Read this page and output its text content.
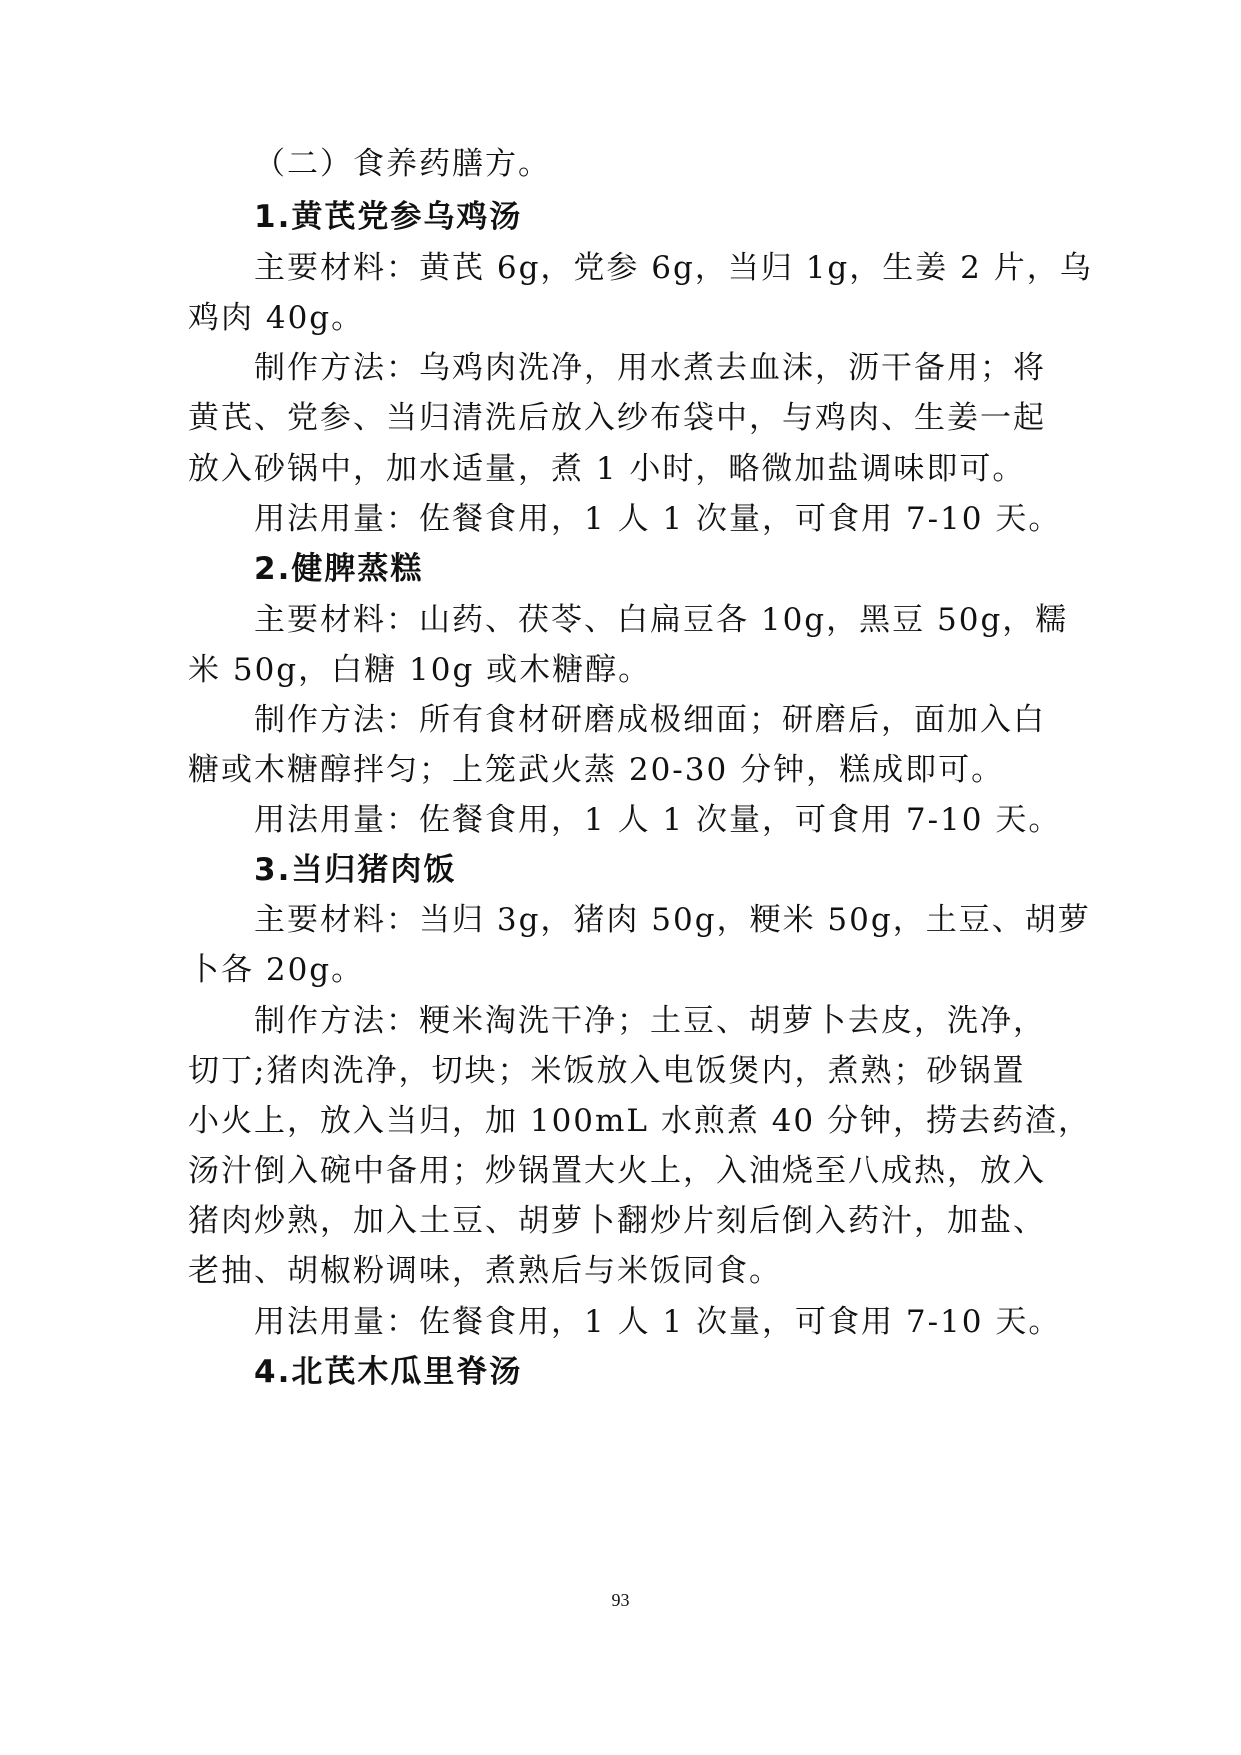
（二）食养药膳方。
1.黄芪党参乌鸡汤
主要材料：黄芪 6g，党参 6g，当归 1g，生姜 2 片，乌
鸡肉 40g。
制作方法：乌鸡肉洗净，用水煮去血沫，沥干备用；将
黄芪、党参、当归清洗后放入纱布袋中，与鸡肉、生姜一起
放入砂锅中，加水适量，煮 1 小时，略微加盐调味即可。
用法用量：佐餐食用，1 人 1 次量，可食用 7-10 天。
2.健脾蒸糕
主要材料：山药、茯苓、白扁豆各 10g，黑豆 50g，糯
米 50g，白糖 10g 或木糖醇。
制作方法：所有食材研磨成极细面；研磨后，面加入白
糖或木糖醇拌匀；上笼武火蒸 20-30 分钟，糕成即可。
用法用量：佐餐食用，1 人 1 次量，可食用 7-10 天。
3.当归猪肉饭
主要材料：当归 3g，猪肉 50g，粳米 50g，土豆、胡萝
卜各 20g。
制作方法：粳米淘洗干净；土豆、胡萝卜去皮，洗净，
切丁;猪肉洗净，切块；米饭放入电饭煲内，煮熟；砂锅置
小火上，放入当归，加 100mL 水煎煮 40 分钟，捞去药渣，
汤汁倒入碗中备用；炒锅置大火上，入油烧至八成热，放入
猪肉炒熟，加入土豆、胡萝卜翻炒片刻后倒入药汁，加盐、
老抽、胡椒粉调味，煮熟后与米饭同食。
用法用量：佐餐食用，1 人 1 次量，可食用 7-10 天。
4.北芪木瓜里脊汤
93
